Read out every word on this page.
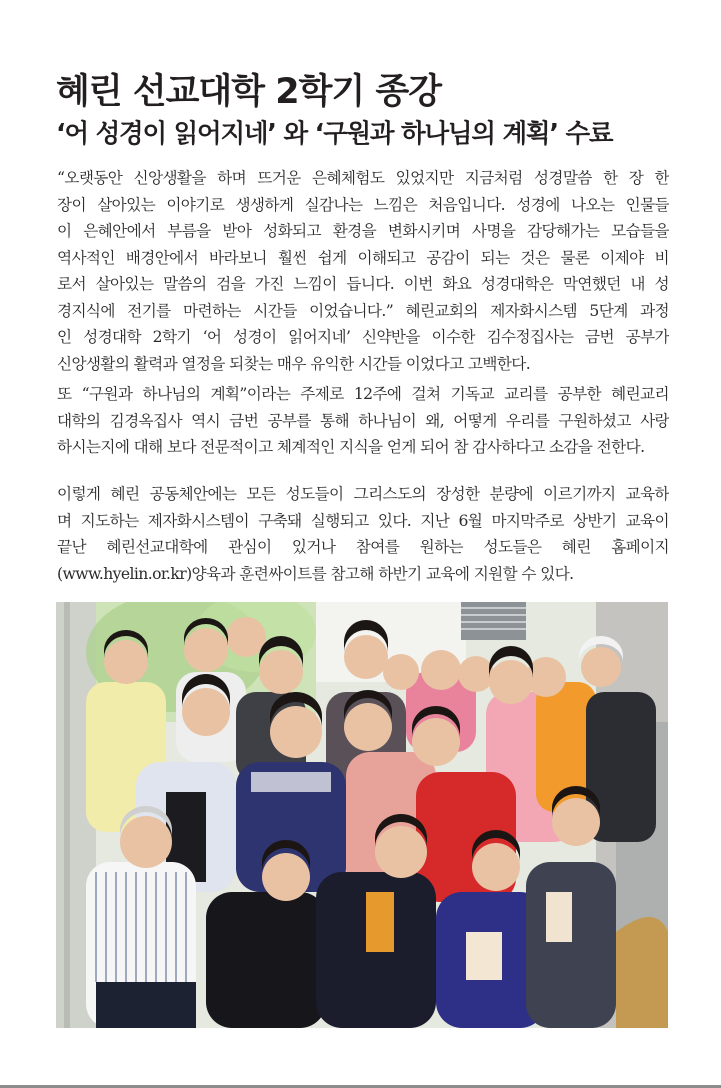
혜린 선교대학 2학기 종강
‘어 성경이 읽어지네’ 와 ‘구원과 하나님의 계획’ 수료

“오랫동안 신앙생활을 하며 뜨거운 은혜체험도 있었지만 지금처럼 성경말씀 한 장 한
장이 살아있는 이야기로 생생하게 실감나는 느낌은 처음입니다. 성경에 나오는 인물들
이 은혜안에서 부름을 받아 성화되고 환경을 변화시키며 사명을 감당해가는 모습들을
역사적인 배경안에서 바라보니 훨씬 쉽게 이해되고 공감이 되는 것은 물론 이제야 비
로서 살아있는 말씀의 검을 가진 느낌이 듭니다. 이번 화요 성경대학은 막연했던 내 성
경지식에 전기를 마련하는 시간들 이었습니다.” 혜린교회의 제자화시스템 5단계 과정
인 성경대학 2학기 ‘어 성경이 읽어지네’ 신약반을 이수한 김수정집사는 금번 공부가
신앙생활의 활력과 열정을 되찾는 매우 유익한 시간들 이었다고 고백한다.

또 “구원과 하나님의 계획”이라는 주제로 12주에 걸쳐 기독교 교리를 공부한 혜린교리
대학의 김경옥집사 역시 금번 공부를 통해 하나님이 왜, 어떻게 우리를 구원하셨고 사랑
하시는지에 대해 보다 전문적이고 체계적인 지식을 얻게 되어 참 감사하다고 소감을 전한다.

이렇게 혜린 공동체안에는 모든 성도들이 그리스도의 장성한 분량에 이르기까지 교육하
며 지도하는 제자화시스템이 구축돼 실행되고 있다. 지난 6월 마지막주로 상반기 교육이
끝난 혜린선교대학에 관심이 있거나 참여를 원하는 성도들은 혜린 홈페이지
(www.hyelin.or.kr)양육과 훈련싸이트를 참고해 하반기 교육에 지원할 수 있다.
